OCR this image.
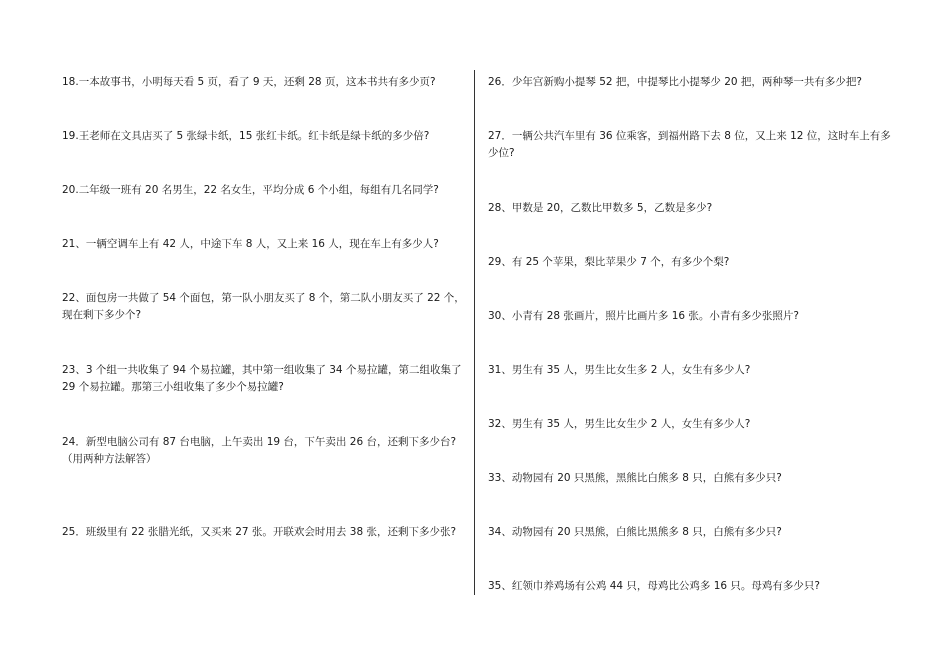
18.一本故事书，小明每天看 5 页，看了 9 天，还剩 28 页，这本书共有多少页?

19.王老师在文具店买了 5 张绿卡纸，15 张红卡纸。红卡纸是绿卡纸的多少倍?

20.二年级一班有 20 名男生，22 名女生，平均分成 6 个小组，每组有几名同学?

21、一辆空调车上有 42 人，中途下车 8 人，又上来 16 人，现在车上有多少人?

22、面包房一共做了 54 个面包，第一队小朋友买了 8 个，第二队小朋友买了 22 个，现在剩下多少个?

23、3 个组一共收集了 94 个易拉罐，其中第一组收集了 34 个易拉罐，第二组收集了 29 个易拉罐。那第三小组收集了多少个易拉罐?

24．新型电脑公司有 87 台电脑，上午卖出 19 台，下午卖出 26 台，还剩下多少台?（用两种方法解答）

25．班级里有 22 张腊光纸，又买来 27 张。开联欢会时用去 38 张，还剩下多少张?

26．少年宫新购小提琴 52 把，中提琴比小提琴少 20 把，两种琴一共有多少把?

27．一辆公共汽车里有 36 位乘客，到福州路下去 8 位，又上来 12 位，这时车上有多少位?

28、甲数是 20，乙数比甲数多 5，乙数是多少?

29、有 25 个苹果，梨比苹果少 7 个，有多少个梨?

30、小青有 28 张画片，照片比画片多 16 张。小青有多少张照片?

31、男生有 35 人，男生比女生多 2 人，女生有多少人?

32、男生有 35 人，男生比女生少 2 人，女生有多少人?

33、动物园有 20 只黑熊，黑熊比白熊多 8 只，白熊有多少只?

34、动物园有 20 只黑熊，白熊比黑熊多 8 只，白熊有多少只?

35、红领巾养鸡场有公鸡 44 只，母鸡比公鸡多 16 只。母鸡有多少只?
